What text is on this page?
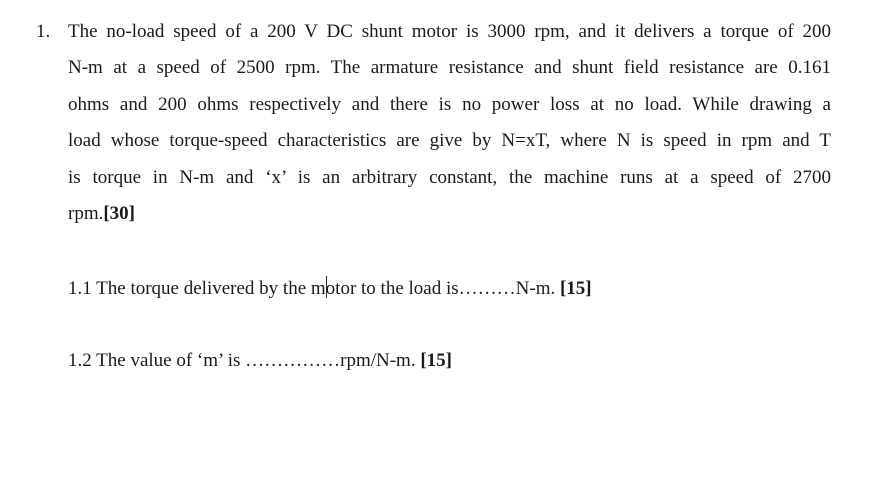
1. The no-load speed of a 200 V DC shunt motor is 3000 rpm, and it delivers a torque of 200
N-m at a speed of 2500 rpm. The armature resistance and shunt field resistance are 0.161
ohms and 200 ohms respectively and there is no power loss at no load. While drawing a
load whose torque-speed characteristics are give by N=xT, where N is speed in rpm and T
is torque in N-m and ‘x’ is an arbitrary constant, the machine runs at a speed of 2700
rpm.[30]
1.1 The torque delivered by the motor to the load is………N-m. [15]
1.2 The value of ‘m’ is ……………rpm/N-m. [15]
